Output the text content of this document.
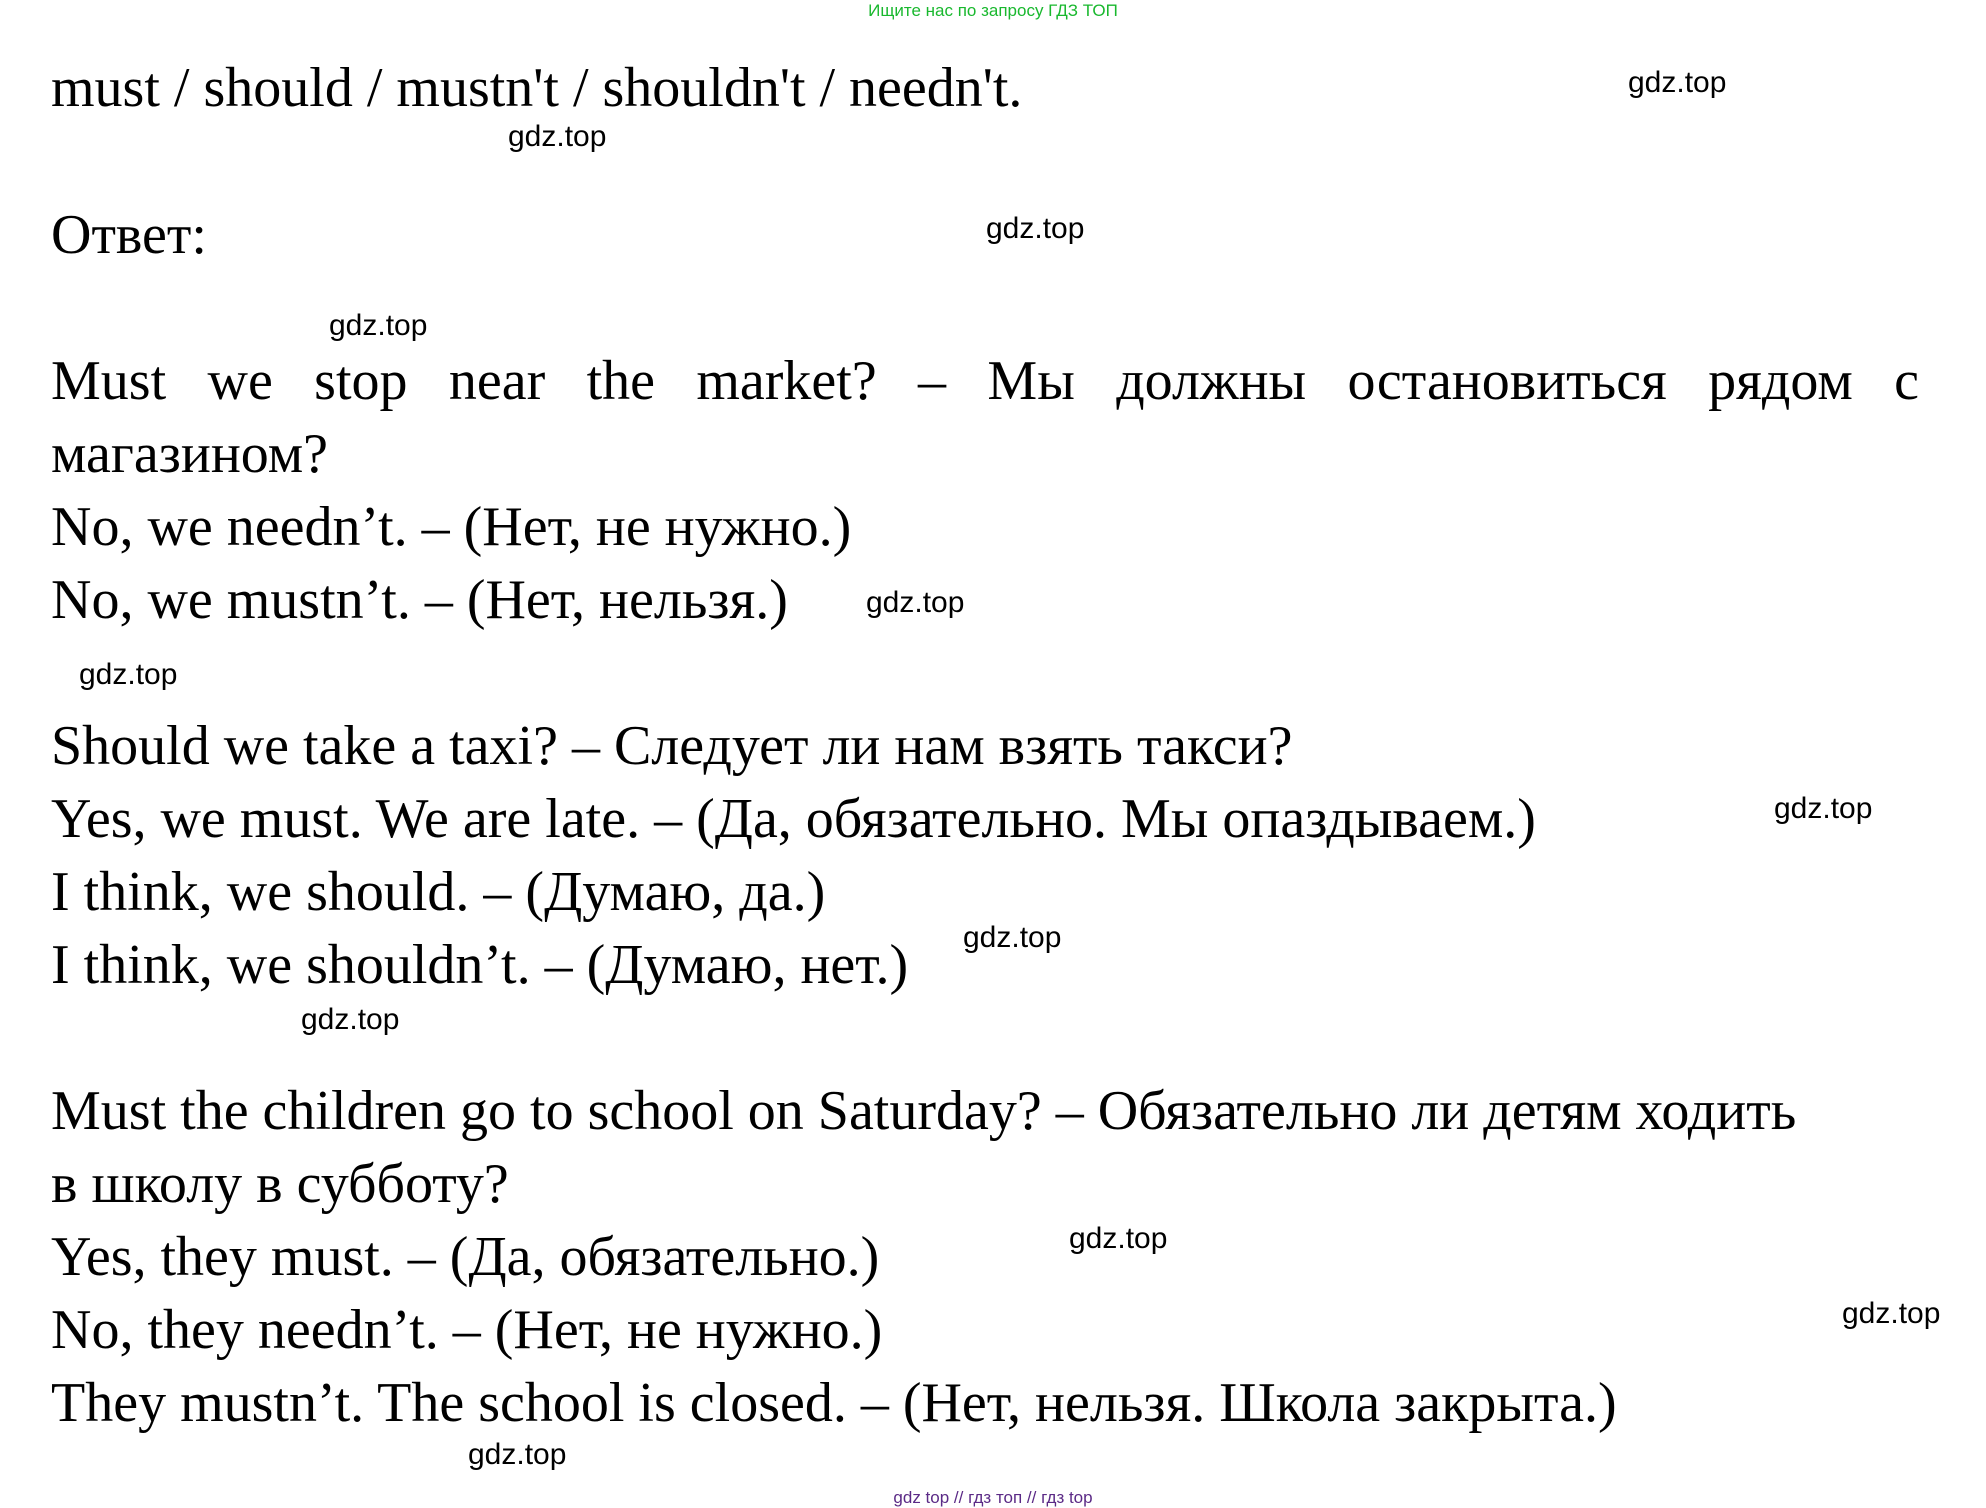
Ищите нас по запросу ГДЗ ТОП
must / should / mustn't / shouldn't / needn't.
Ответ:
Must we stop near the market? – Мы должны остановиться рядом с
магазином?
No, we needn’t. – (Нет, не нужно.)
No, we mustn’t. – (Нет, нельзя.)
Should we take a taxi? – Следует ли нам взять такси?
Yes, we must. We are late. – (Да, обязательно. Мы опаздываем.)
I think, we should. – (Думаю, да.)
I think, we shouldn’t. – (Думаю, нет.)
Must the children go to school on Saturday? – Обязательно ли детям ходить
в школу в субботу?
Yes, they must. – (Да, обязательно.)
No, they needn’t. – (Нет, не нужно.)
They mustn’t. The school is closed. – (Нет, нельзя. Школа закрыта.)
gdz.top
gdz.top
gdz.top
gdz.top
gdz.top
gdz.top
gdz.top
gdz.top
gdz.top
gdz.top
gdz.top
gdz.top
gdz top // гдз топ // гдз top
